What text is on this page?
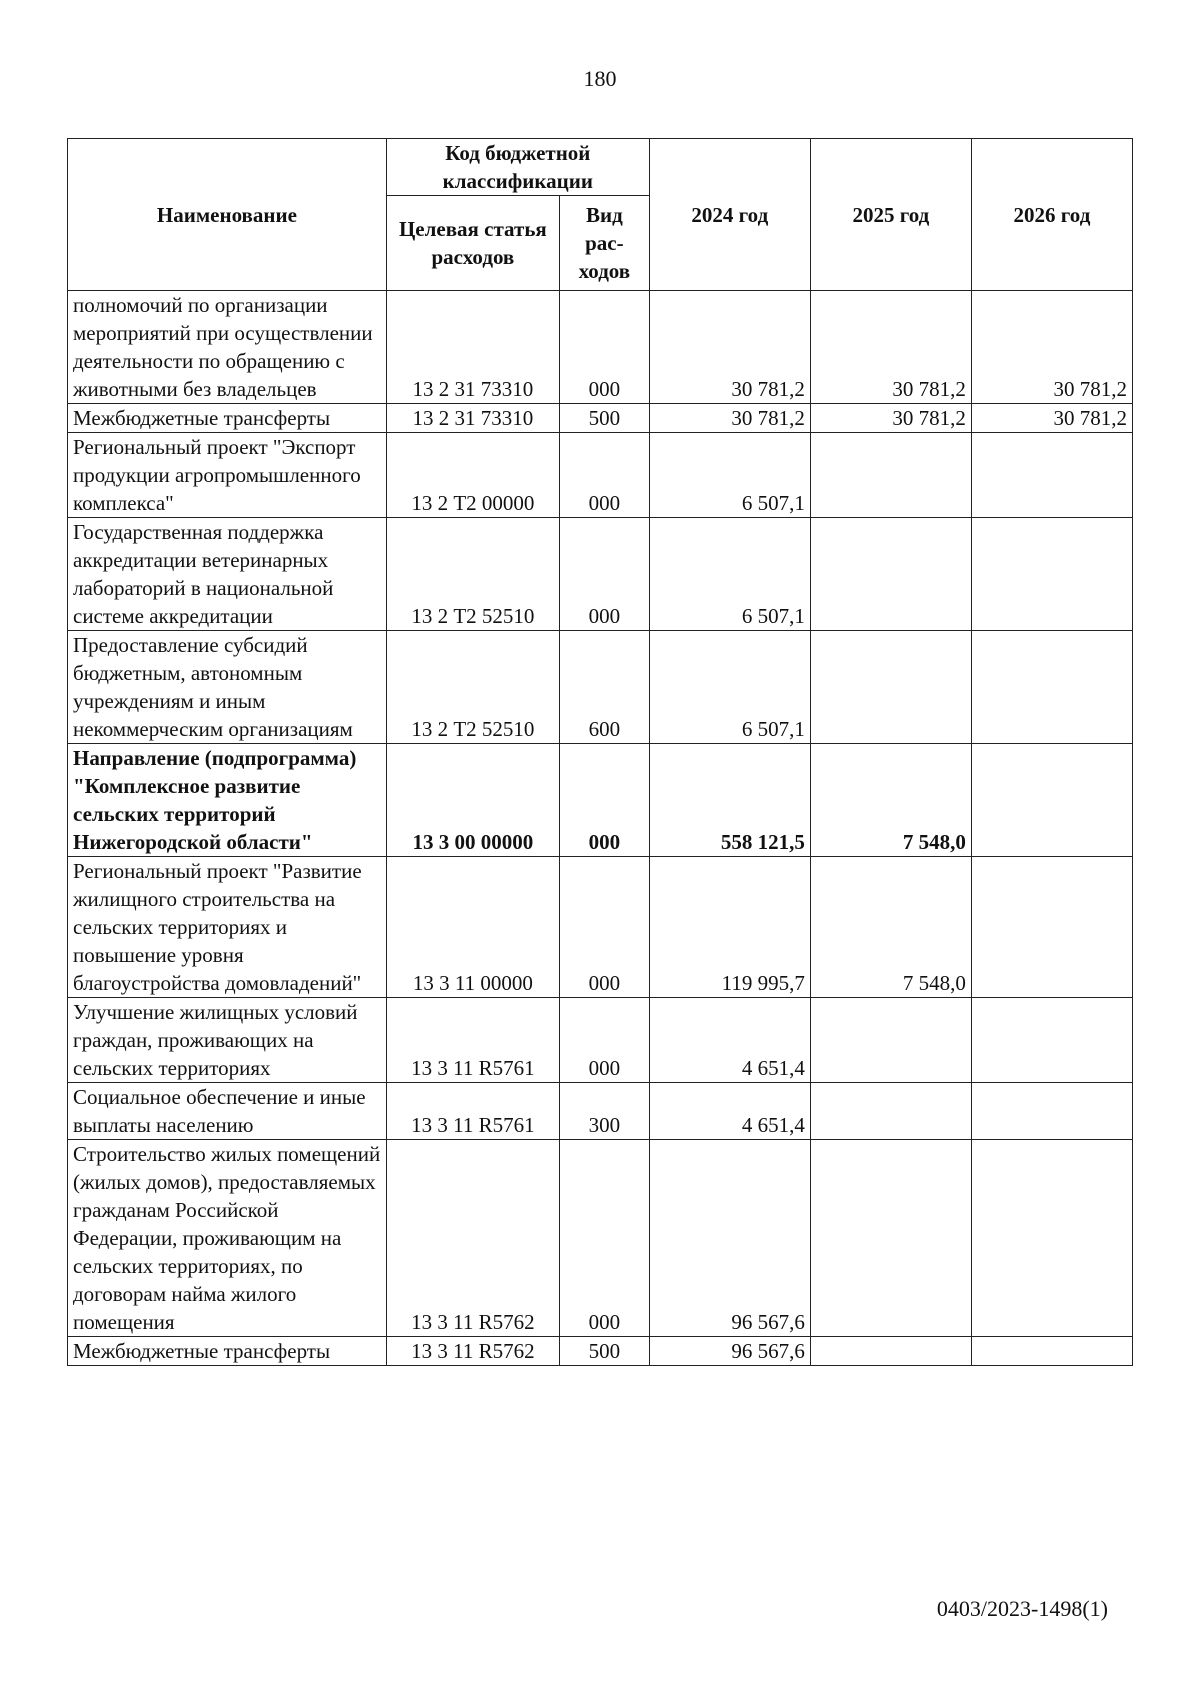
180
Наименование	Код бюджетной классификации		2024 год	2025 год	2026 год
	Целевая статья расходов	Вид рас-ходов			
полномочий по организации мероприятий при осуществлении деятельности по обращению с животными без владельцев	13 2 31 73310	000	30 781,2	30 781,2	30 781,2
Межбюджетные трансферты	13 2 31 73310	500	30 781,2	30 781,2	30 781,2
Региональный проект "Экспорт продукции агропромышленного комплекса"	13 2 Т2 00000	000	6 507,1		
Государственная поддержка аккредитации ветеринарных лабораторий в национальной системе аккредитации	13 2 Т2 52510	000	6 507,1		
Предоставление субсидий бюджетным, автономным учреждениям и иным некоммерческим организациям	13 2 Т2 52510	600	6 507,1		
Направление (подпрограмма) "Комплексное развитие сельских территорий Нижегородской области"	13 3 00 00000	000	558 121,5	7 548,0	
Региональный проект "Развитие жилищного строительства на сельских территориях и повышение уровня благоустройства домовладений"	13 3 11 00000	000	119 995,7	7 548,0	
Улучшение жилищных условий граждан, проживающих на сельских территориях	13 3 11 R5761	000	4 651,4		
Социальное обеспечение и иные выплаты населению	13 3 11 R5761	300	4 651,4		
Строительство жилых помещений (жилых домов), предоставляемых гражданам Российской Федерации, проживающим на сельских территориях, по договорам найма жилого помещения	13 3 11 R5762	000	96 567,6		
Межбюджетные трансферты	13 3 11 R5762	500	96 567,6		
0403/2023-1498(1)
